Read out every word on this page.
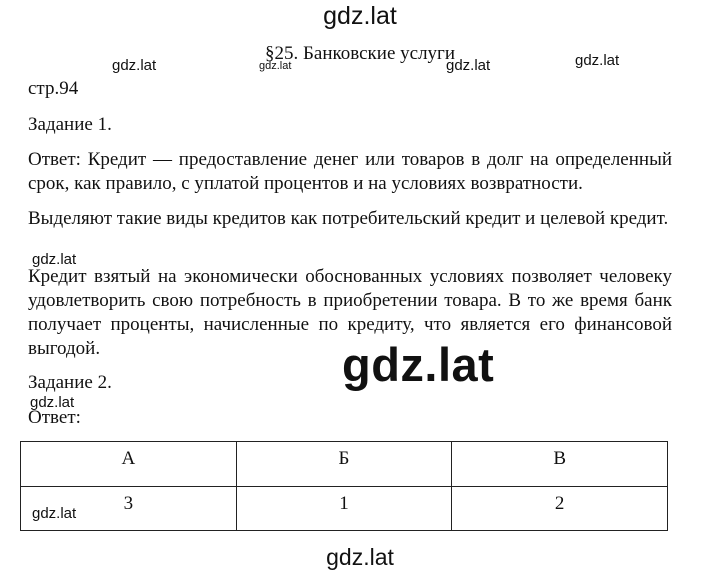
gdz.lat
gdz.lat	gdz.lat	gdz.lat	gdz.lat
§25. Банковские услуги
стр.94
Задание 1.
Ответ: Кредит — предоставление денег или товаров в долг на определенный срок, как правило, с уплатой процентов и на условиях возвратности.
Выделяют такие виды кредитов как потребительский кредит и целевой кредит.
gdz.lat
Кредит взятый на экономически обоснованных условиях позволяет человеку удовлетворить свою потребность в приобретении товара. В то же время банк получает проценты, начисленные по кредиту, что является его финансовой выгодой.	gdz.lat
Задание 2.
gdz.lat
Ответ:
А	Б	В
3	1	2
gdz.lat
gdz.lat
